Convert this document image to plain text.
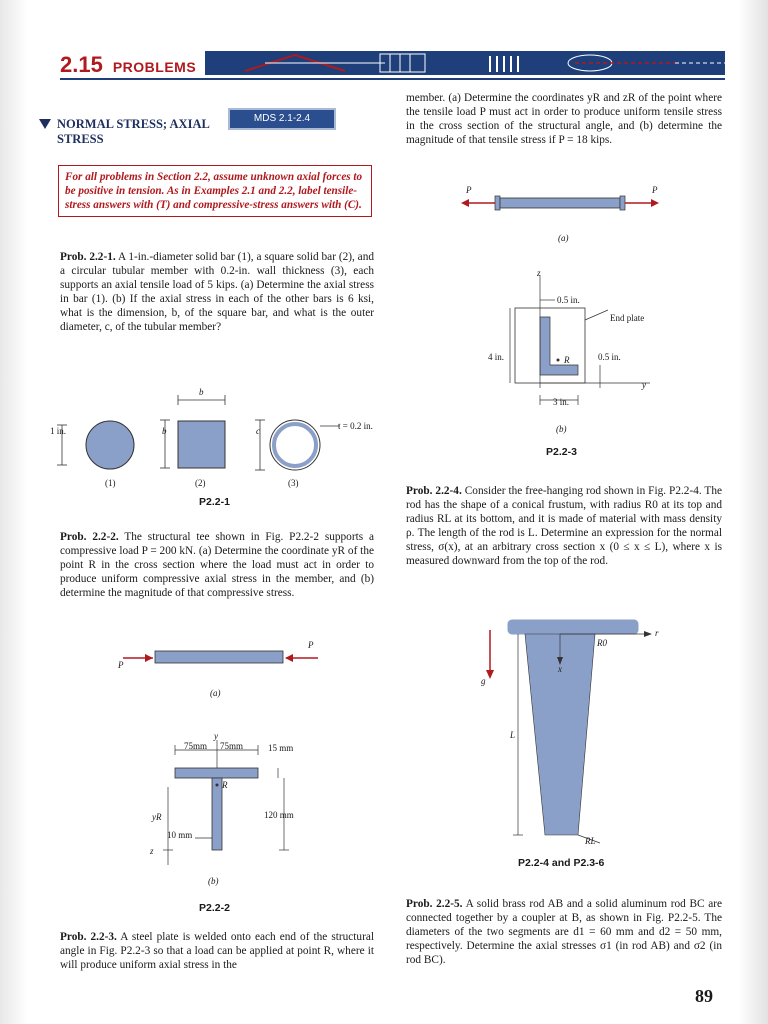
2.15 PROBLEMS
NORMAL STRESS; AXIAL STRESS
MDS 2.1-2.4
For all problems in Section 2.2, assume unknown axial forces to be positive in tension. As in Examples 2.1 and 2.2, label tensile-stress answers with (T) and compressive-stress answers with (C).
Prob. 2.2-1. A 1-in.-diameter solid bar (1), a square solid bar (2), and a circular tubular member with 0.2-in. wall thickness (3), each supports an axial tensile load of 5 kips. (a) Determine the axial stress in bar (1). (b) If the axial stress in each of the other bars is 6 ksi, what is the dimension, b, of the square bar, and what is the outer diameter, c, of the tubular member?
1 in.
b
b	c	t = 0.2 in.
(1)	(2)	(3)
P2.2-1
Prob. 2.2-2. The structural tee shown in Fig. P2.2-2 supports a compressive load P = 200 kN. (a) Determine the coordinate yR of the point R in the cross section where the load must act in order to produce uniform compressive axial stress in the member, and (b) determine the magnitude of that compressive stress.
P
P
(a)
y
75mm 75mm	15 mm
R
120 mm
yR
10 mm
z
(b)
P2.2-2
Prob. 2.2-3. A steel plate is welded onto each end of the structural angle in Fig. P2.2-3 so that a load can be applied at point R, where it will produce uniform axial stress in the
member. (a) Determine the coordinates yR and zR of the point where the tensile load P must act in order to produce uniform tensile stress in the cross section of the structural angle, and (b) determine the magnitude of that tensile stress if P = 18 kips.
P	P
(a)
z
0.5 in.
End plate
4 in.	0.5 in.
R
y
3 in.
(b)
P2.2-3
Prob. 2.2-4. Consider the free-hanging rod shown in Fig. P2.2-4. The rod has the shape of a conical frustum, with radius R0 at its top and radius RL at its bottom, and it is made of material with mass density ρ. The length of the rod is L. Determine an expression for the normal stress, σ(x), at an arbitrary cross section x (0 ≤ x ≤ L), where x is measured downward from the top of the rod.
g
x
L
R0
r
RL
P2.2-4 and P2.3-6
Prob. 2.2-5. A solid brass rod AB and a solid aluminum rod BC are connected together by a coupler at B, as shown in Fig. P2.2-5. The diameters of the two segments are d1 = 60 mm and d2 = 50 mm, respectively. Determine the axial stresses σ1 (in rod AB) and σ2 (in rod BC).
89
